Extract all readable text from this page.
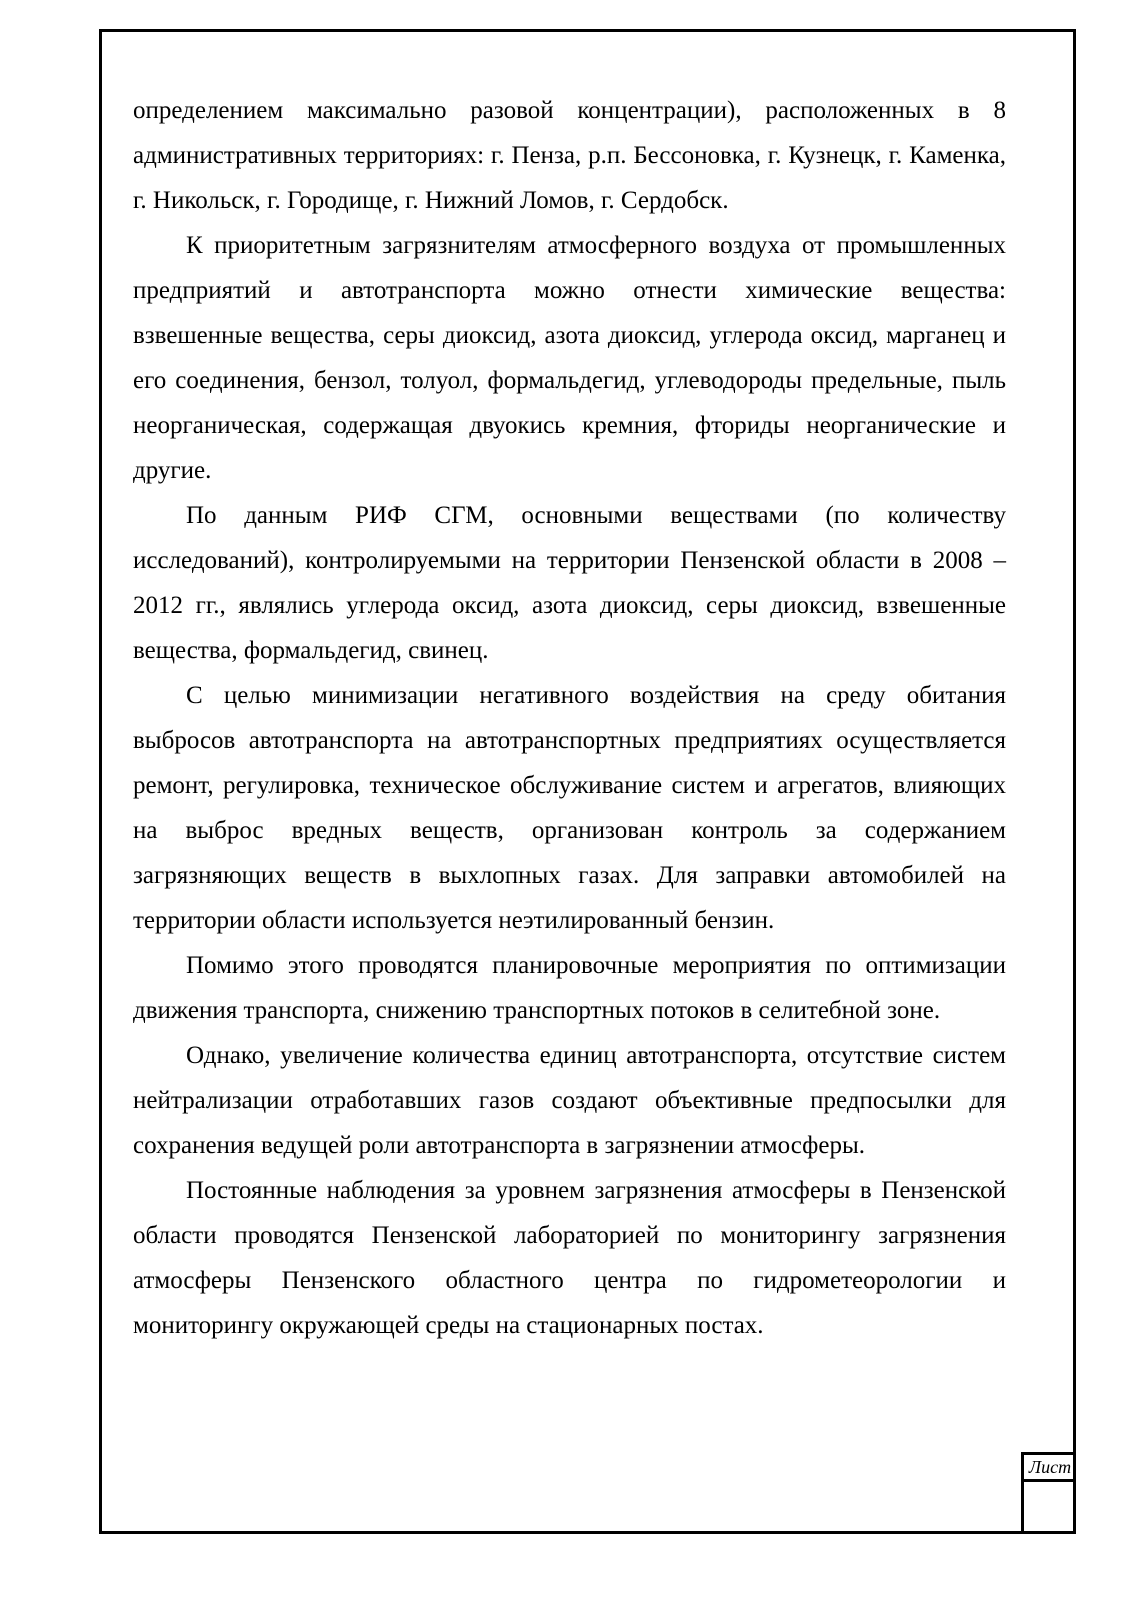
определением максимально разовой концентрации), расположенных в 8 административных территориях: г. Пенза, р.п. Бессоновка, г. Кузнецк, г. Каменка, г. Никольск, г. Городище, г. Нижний Ломов, г. Сердобск.

К приоритетным загрязнителям атмосферного воздуха от промышленных предприятий и автотранспорта можно отнести химические вещества: взвешенные вещества, серы диоксид, азота диоксид, углерода оксид, марганец и его соединения, бензол, толуол, формальдегид, углеводороды предельные, пыль неорганическая, содержащая двуокись кремния, фториды неорганические и другие.

По данным РИФ СГМ, основными веществами (по количеству исследований), контролируемыми на территории Пензенской области в 2008 – 2012 гг., являлись углерода оксид, азота диоксид, серы диоксид, взвешенные вещества, формальдегид, свинец.

С целью минимизации негативного воздействия на среду обитания выбросов автотранспорта на автотранспортных предприятиях осуществляется ремонт, регулировка, техническое обслуживание систем и агрегатов, влияющих на выброс вредных веществ, организован контроль за содержанием загрязняющих веществ в выхлопных газах. Для заправки автомобилей на территории области используется неэтилированный бензин.

Помимо этого проводятся планировочные мероприятия по оптимизации движения транспорта, снижению транспортных потоков в селитебной зоне.

Однако, увеличение количества единиц автотранспорта, отсутствие систем нейтрализации отработавших газов создают объективные предпосылки для сохранения ведущей роли автотранспорта в загрязнении атмосферы.

Постоянные наблюдения за уровнем загрязнения атмосферы в Пензенской области проводятся Пензенской лабораторией по мониторингу загрязнения атмосферы Пензенского областного центра по гидрометеорологии и мониторингу окружающей среды на стационарных постах.

Лист
